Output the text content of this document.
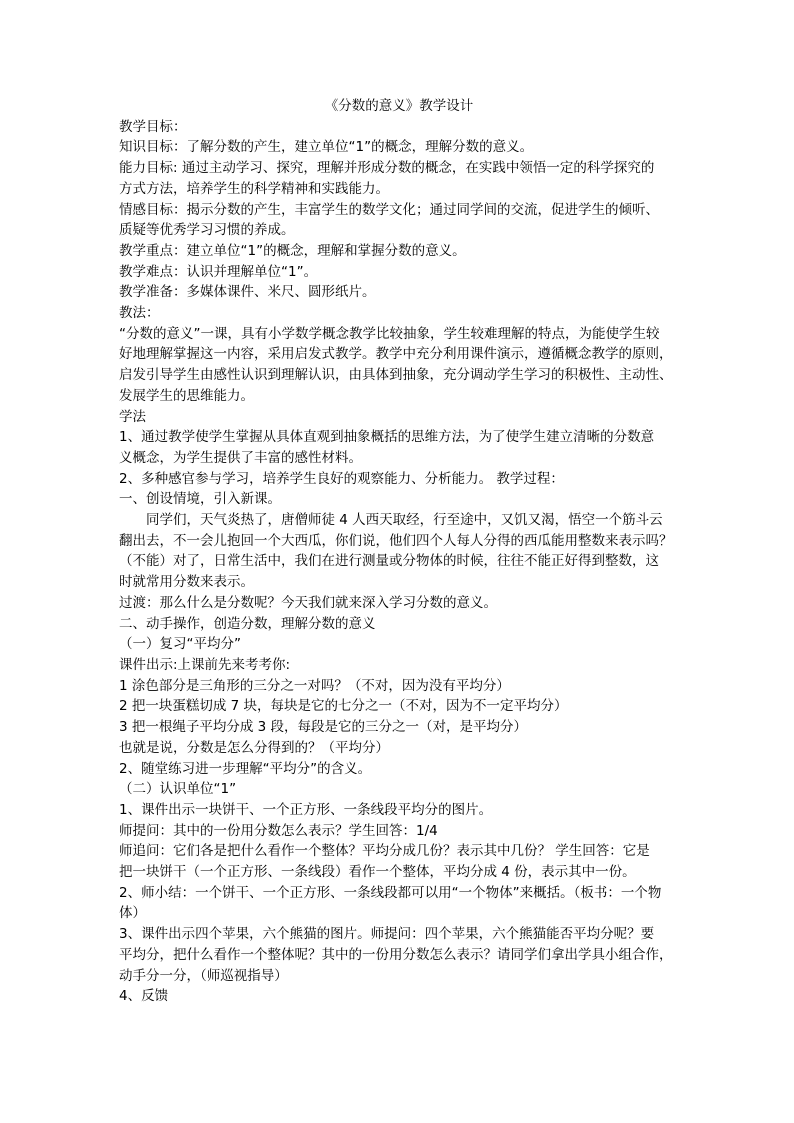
《分数的意义》教学设计

教学目标：

知识目标：了解分数的产生，建立单位“1”的概念，理解分数的意义。

能力目标: 通过主动学习、探究，理解并形成分数的概念，在实践中领悟一定的科学探究的

方式方法，培养学生的科学精神和实践能力。

情感目标：揭示分数的产生，丰富学生的数学文化；通过同学间的交流，促进学生的倾听、

质疑等优秀学习习惯的养成。

教学重点：建立单位“1”的概念，理解和掌握分数的意义。

教学难点：认识并理解单位“1”。

教学准备：多媒体课件、米尺、圆形纸片。

教法：

“分数的意义”一课，具有小学数学概念教学比较抽象，学生较难理解的特点，为能使学生较

好地理解掌握这一内容，采用启发式教学。教学中充分利用课件演示，遵循概念教学的原则，

启发引导学生由感性认识到理解认识，由具体到抽象，充分调动学生学习的积极性、主动性、

发展学生的思维能力。

学法

1、通过教学使学生掌握从具体直观到抽象概括的思维方法，为了使学生建立清晰的分数意

义概念，为学生提供了丰富的感性材料。

2、多种感官参与学习，培养学生良好的观察能力、分析能力。 教学过程：

一、创设情境，引入新课。

同学们，天气炎热了，唐僧师徒 4 人西天取经，行至途中，又饥又渴，悟空一个筋斗云

翻出去，不一会儿抱回一个大西瓜，你们说，他们四个人每人分得的西瓜能用整数来表示吗？

（不能）对了，日常生活中，我们在进行测量或分物体的时候，往往不能正好得到整数，这

时就常用分数来表示。

过渡：那么什么是分数呢？今天我们就来深入学习分数的意义。

二、动手操作，创造分数，理解分数的意义

（一）复习“平均分”

课件出示:上课前先来考考你:

1 涂色部分是三角形的三分之一对吗？（不对，因为没有平均分）

2 把一块蛋糕切成 7 块，每块是它的七分之一（不对，因为不一定平均分）

3 把一根绳子平均分成 3 段，每段是它的三分之一（对，是平均分）

也就是说，分数是怎么分得到的？（平均分）

2、随堂练习进一步理解“平均分”的含义。

（二）认识单位“1”

1、课件出示一块饼干、一个正方形、一条线段平均分的图片。

师提问：其中的一份用分数怎么表示？学生回答：1/4

师追问：它们各是把什么看作一个整体？平均分成几份？表示其中几份？ 学生回答：它是

把一块饼干（一个正方形、一条线段）看作一个整体，平均分成 4 份，表示其中一份。

2、师小结：一个饼干、一个正方形、一条线段都可以用“一个物体”来概括。（板书：一个物

体）

3、课件出示四个苹果，六个熊猫的图片。师提问：四个苹果，六个熊猫能否平均分呢？要

平均分，把什么看作一个整体呢？其中的一份用分数怎么表示？请同学们拿出学具小组合作，

动手分一分，（师巡视指导）

4、反馈
